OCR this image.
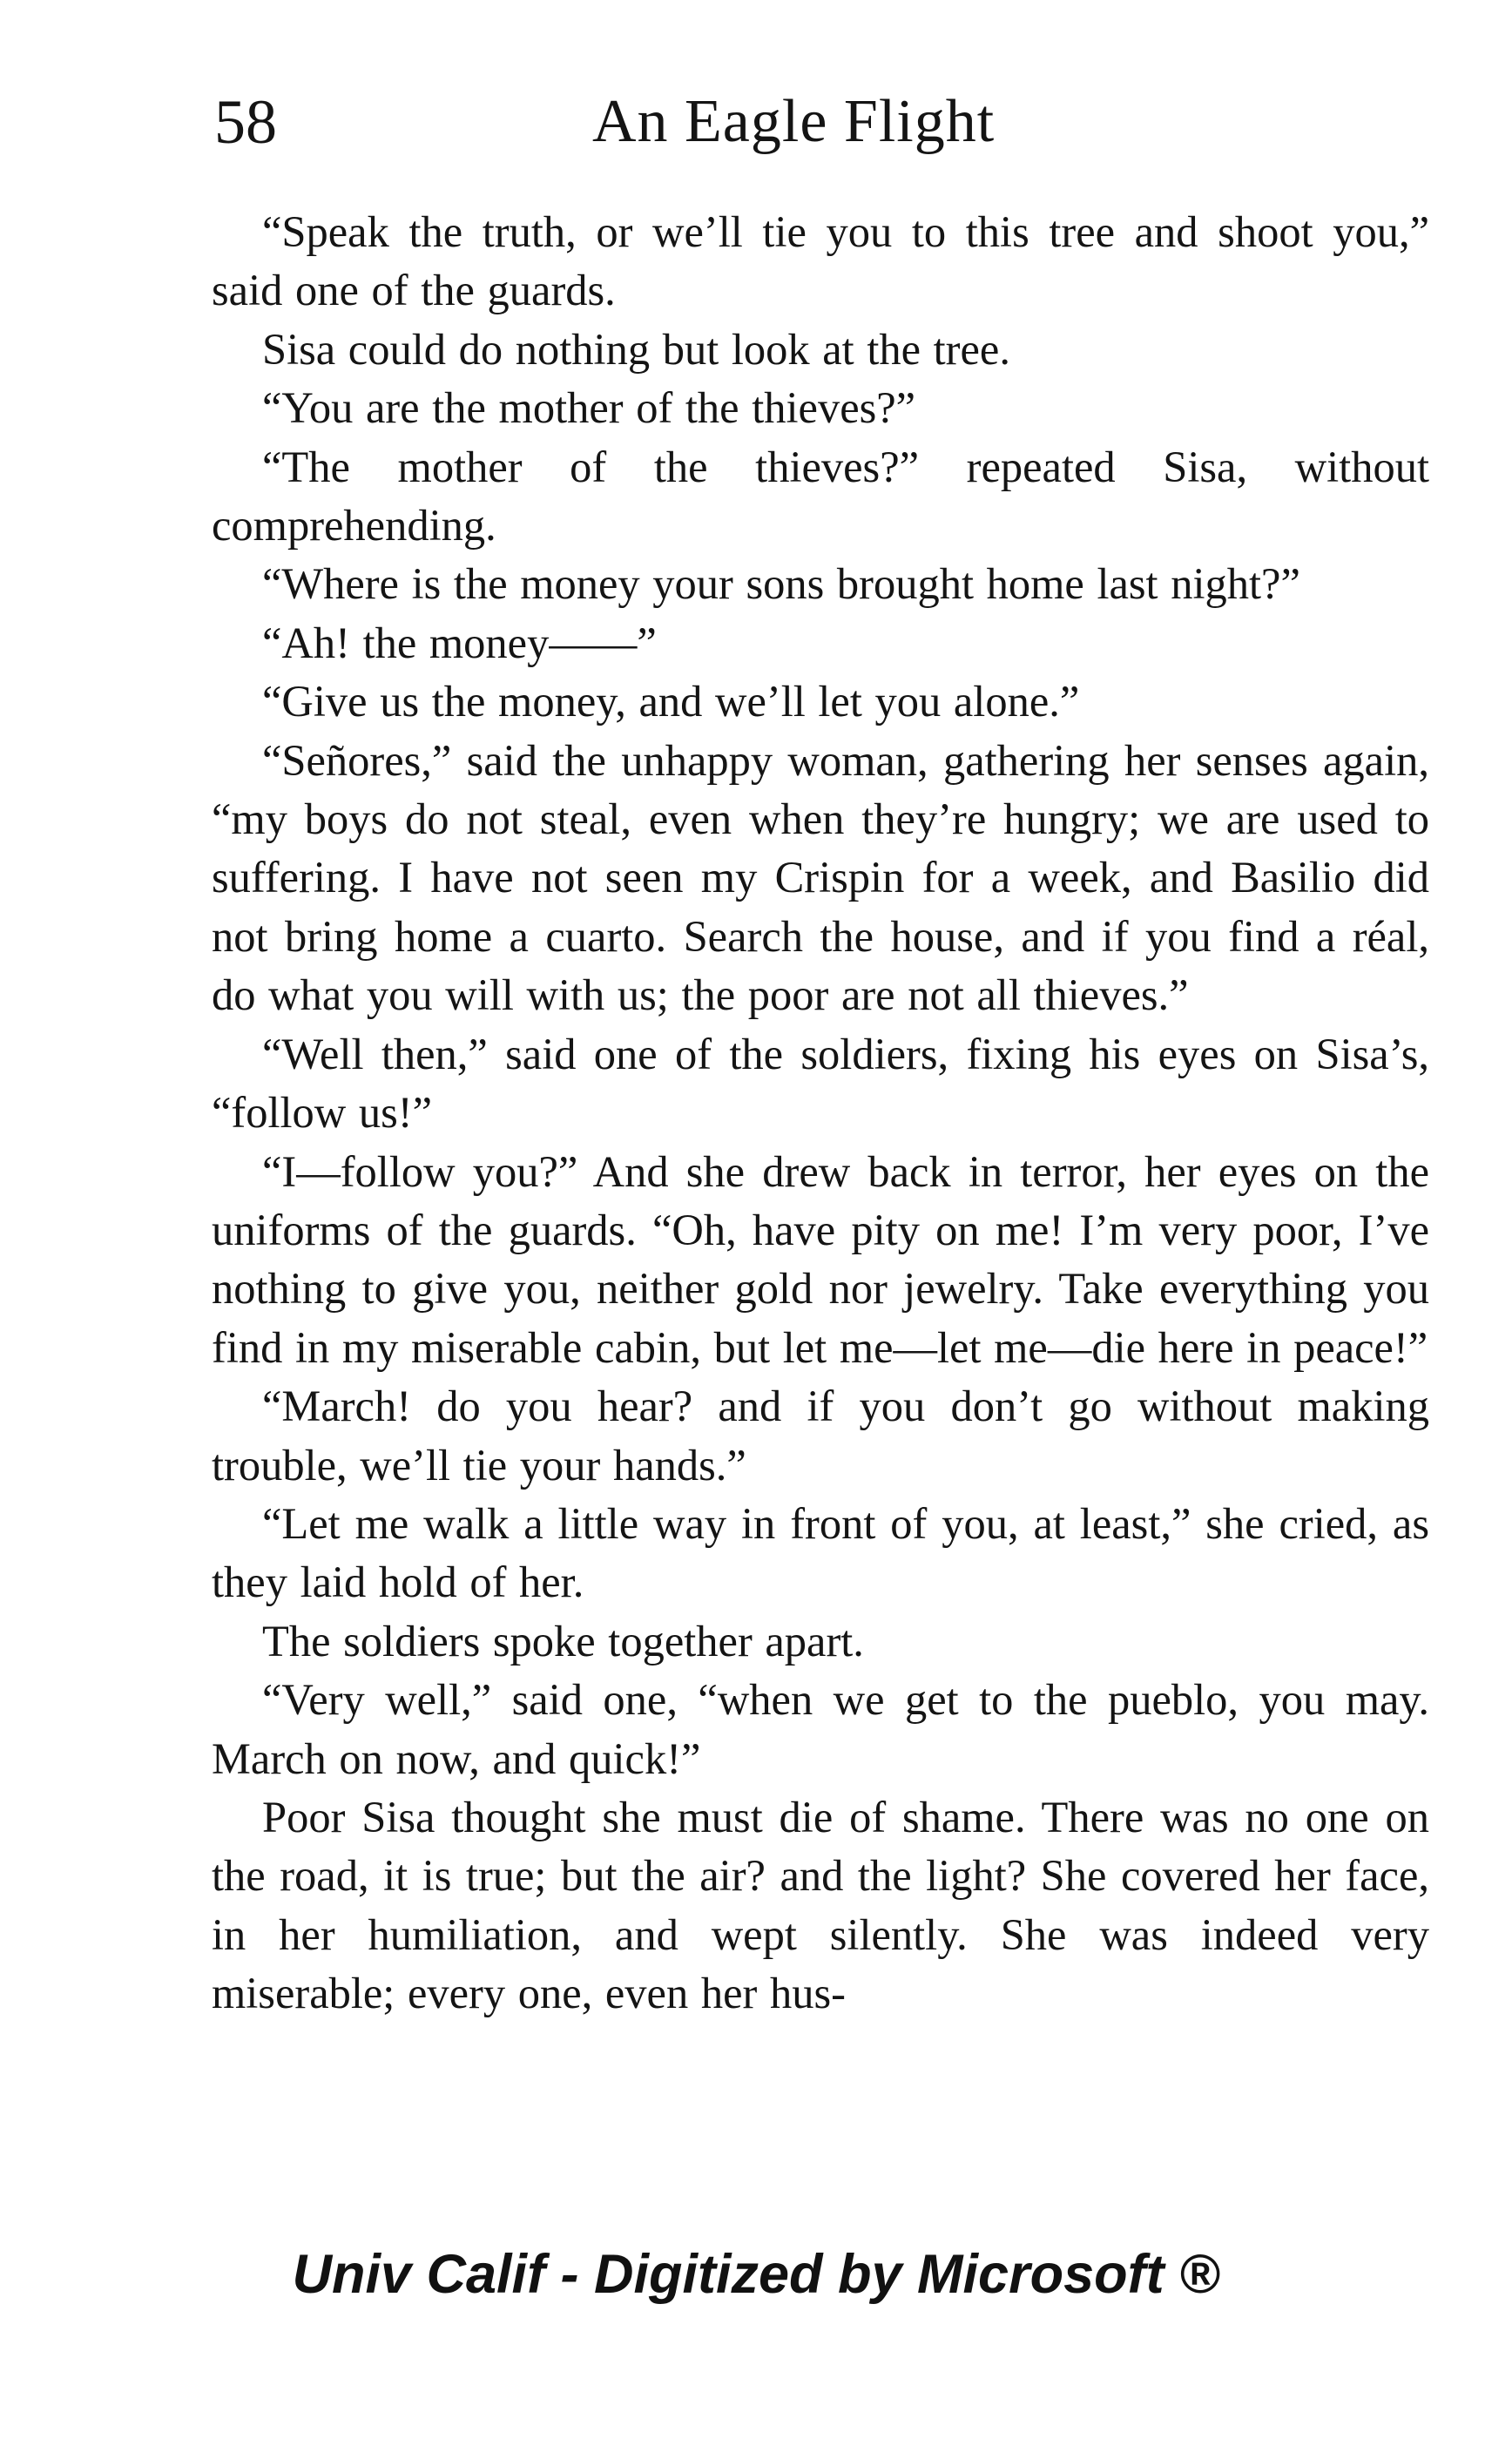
58	An Eagle Flight

“Speak the truth, or we’ll tie you to this tree and shoot you,” said one of the guards.

Sisa could do nothing but look at the tree.

“You are the mother of the thieves?”

“The mother of the thieves?” repeated Sisa, without comprehending.

“Where is the money your sons brought home last night?”

“Ah! the money——”

“Give us the money, and we’ll let you alone.”

“Señores,” said the unhappy woman, gathering her senses again, “my boys do not steal, even when they’re hungry; we are used to suffering. I have not seen my Crispin for a week, and Basilio did not bring home a cuarto. Search the house, and if you find a réal, do what you will with us; the poor are not all thieves.”

“Well then,” said one of the soldiers, fixing his eyes on Sisa’s, “follow us!”

“I—follow you?” And she drew back in terror, her eyes on the uniforms of the guards. “Oh, have pity on me! I’m very poor, I’ve nothing to give you, neither gold nor jewelry. Take everything you find in my miserable cabin, but let me—let me—die here in peace!”

“March! do you hear? and if you don’t go without making trouble, we’ll tie your hands.”

“Let me walk a little way in front of you, at least,” she cried, as they laid hold of her.

The soldiers spoke together apart.

“Very well,” said one, “when we get to the pueblo, you may. March on now, and quick!”

Poor Sisa thought she must die of shame. There was no one on the road, it is true; but the air? and the light? She covered her face, in her humiliation, and wept silently. She was indeed very miserable; every one, even her hus-

Univ Calif - Digitized by Microsoft ®
